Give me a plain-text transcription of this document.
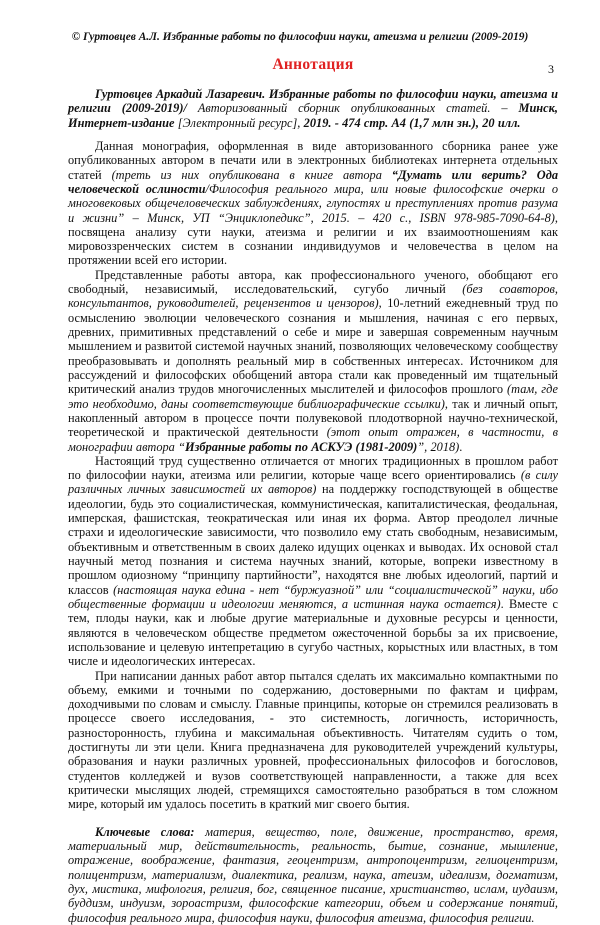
© Гуртовцев А.Л. Избранные работы по философии науки, атеизма и религии (2009-2019)
3
Аннотация

Гуртовцев Аркадий Лазаревич. Избранные работы по философии науки, атеизма и религии (2009-2019)/ Авторизованный сборник опубликованных статей. – Минск, Интернет-издание [Электронный ресурс], 2019. - 474 стр. А4 (1,7 млн зн.), 20 илл.

Данная монография, оформленная в виде авторизованного сборника ранее уже опубликованных автором в печати или в электронных библиотеках интернета отдельных статей (треть из них опубликована в книге автора “Думать или верить? Ода человеческой ослиности/Философия реального мира, или новые философские очерки о многовековых общечеловеческих заблуждениях, глупостях и преступлениях против разума и жизни” – Минск, УП “Энциклопедикс”, 2015. – 420 с., ISBN 978-985-7090-64-8), посвящена анализу сути науки, атеизма и религии и их взаимоотношениям как мировоззренческих систем в сознании индивидуумов и человечества в целом на протяжении всей его истории.

Представленные работы автора, как профессионального ученого, обобщают его свободный, независимый, исследовательский, сугубо личный (без соавторов, консультантов, руководителей, рецензентов и цензоров), 10-летний ежедневный труд по осмыслению эволюции человеческого сознания и мышления, начиная с его первых, древних, примитивных представлений о себе и мире и завершая современным научным мышлением и развитой системой научных знаний, позволяющих человеческому сообществу преобразовывать и дополнять реальный мир в собственных интересах. Источником для рассуждений и философских обобщений автора стали как проведенный им тщательный критический анализ трудов многочисленных мыслителей и философов прошлого (там, где это необходимо, даны соответствующие библиографические ссылки), так и личный опыт, накопленный автором в процессе почти полувековой плодотворной научно-технической, теоретической и практической деятельности (этот опыт отражен, в частности, в монографии автора “Избранные работы по АСКУЭ (1981-2009)”, 2018).

Настоящий труд существенно отличается от многих традиционных в прошлом работ по философии науки, атеизма или религии, которые чаще всего ориентировались (в силу различных личных зависимостей их авторов) на поддержку господствующей в обществе идеологии, будь это социалистическая, коммунистическая, капиталистическая, феодальная, имперская, фашистская, теократическая или иная их форма. Автор преодолел личные страхи и идеологические зависимости, что позволило ему стать свободным, независимым, объективным и ответственным в своих далеко идущих оценках и выводах. Их основой стал научный метод познания и система научных знаний, которые, вопреки известному в прошлом одиозному “принципу партийности”, находятся вне любых идеологий, партий и классов (настоящая наука едина - нет “буржуазной” или “социалистической” науки, ибо общественные формации и идеологии меняются, а истинная наука остается). Вместе с тем, плоды науки, как и любые другие материальные и духовные ресурсы и ценности, являются в человеческом обществе предметом ожесточенной борьбы за их присвоение, использование и целевую интепретацию в сугубо частных, корыстных или властных, в том числе и идеологических интересах.

При написании данных работ автор пытался сделать их максимально компактными по объему, емкими и точными по содержанию, достоверными по фактам и цифрам, доходчивыми по словам и смыслу. Главные принципы, которые он стремился реализовать в процессе своего исследования, - это системность, логичность, историчность, разносторонность, глубина и максимальная объективность. Читателям судить о том, достигнуты ли эти цели. Книга предназначена для руководителей учреждений культуры, образования и науки различных уровней, профессиональных философов и богословов, студентов колледжей и вузов соответствующей направленности, а также для всех критически мыслящих людей, стремящихся самостоятельно разобраться в том сложном мире, который им удалось посетить в краткий миг своего бытия.

Ключевые слова: материя, вещество, поле, движение, пространство, время, материальный мир, действительность, реальность, бытие, сознание, мышление, отражение, воображение, фантазия, геоцентризм, антропоцентризм, гелиоцентризм, полицентризм, материализм, диалектика, реализм, наука, атеизм, идеализм, догматизм, дух, мистика, мифология, религия, бог, священное писание, христианство, ислам, иудаизм, буддизм, индуизм, зороастризм, философские категории, объем и содержание понятий, философия реального мира, философия науки, философия атеизма, философия религии.
